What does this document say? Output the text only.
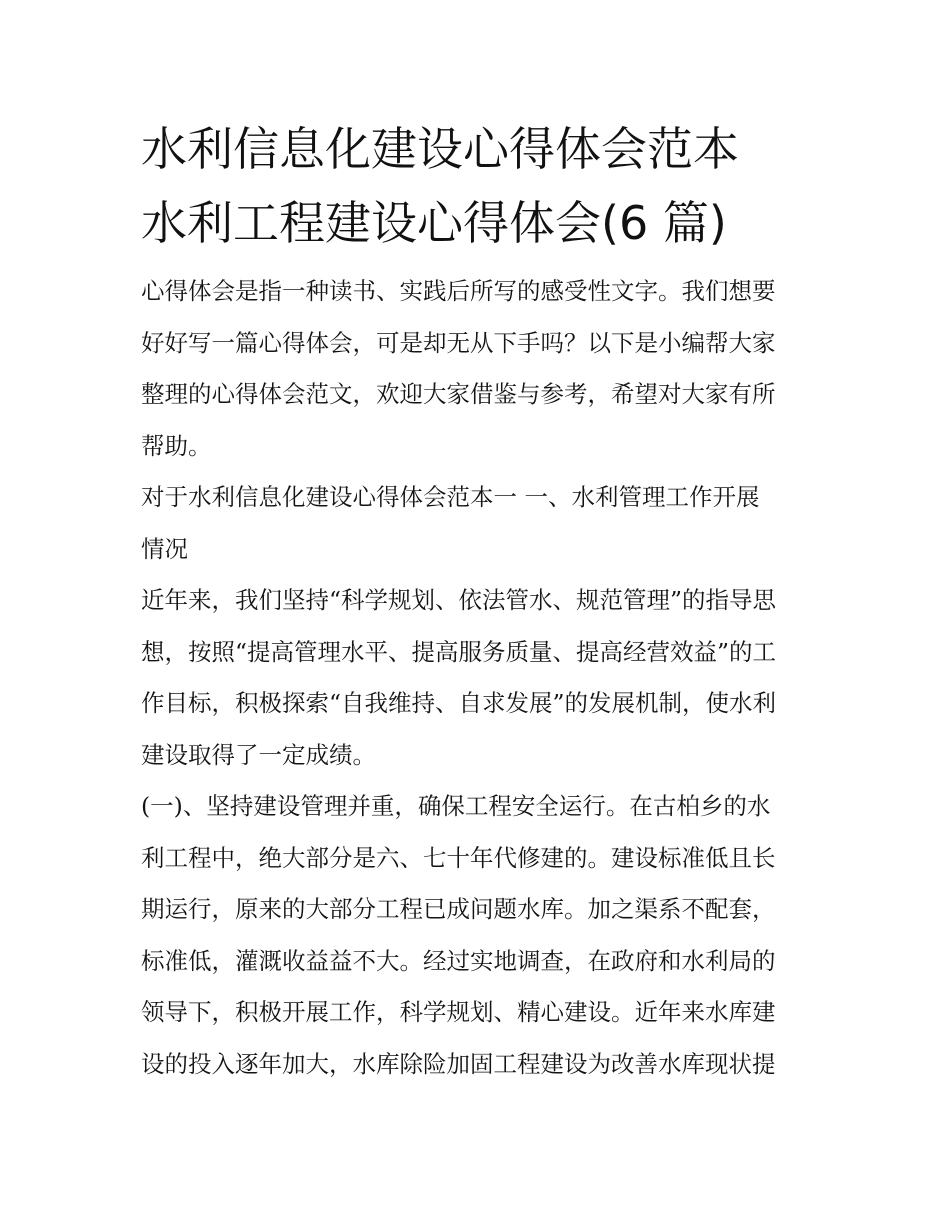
水利信息化建设心得体会范本
水利工程建设心得体会(6 篇)
心得体会是指一种读书、实践后所写的感受性文字。我们想要
好好写一篇心得体会，可是却无从下手吗？以下是小编帮大家
整理的心得体会范文，欢迎大家借鉴与参考，希望对大家有所
帮助。
对于水利信息化建设心得体会范本一 一、水利管理工作开展
情况
近年来，我们坚持“科学规划、依法管水、规范管理”的指导思
想，按照“提高管理水平、提高服务质量、提高经营效益”的工
作目标，积极探索“自我维持、自求发展”的发展机制，使水利
建设取得了一定成绩。
(一)、坚持建设管理并重，确保工程安全运行。在古柏乡的水
利工程中，绝大部分是六、七十年代修建的。建设标准低且长
期运行，原来的大部分工程已成问题水库。加之渠系不配套，
标准低，灌溉收益益不大。经过实地调查，在政府和水利局的
领导下，积极开展工作，科学规划、精心建设。近年来水库建
设的投入逐年加大，水库除险加固工程建设为改善水库现状提
